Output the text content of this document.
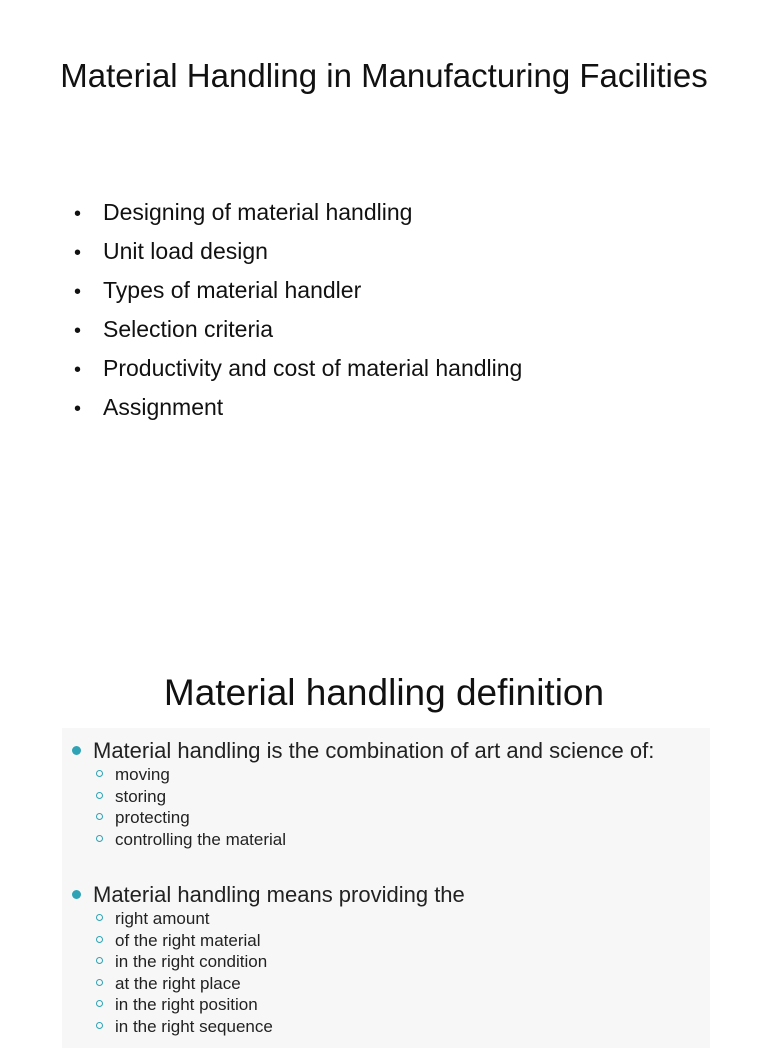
Material Handling in Manufacturing Facilities
• Designing of material handling
• Unit load design
• Types of material handler
• Selection criteria
• Productivity and cost of material handling
• Assignment
Material handling definition
Material handling is the combination of art and science of:
moving
storing
protecting
controlling the material
Material handling means providing the
right amount
of the right material
in the right condition
at the right place
in the right position
in the right sequence
